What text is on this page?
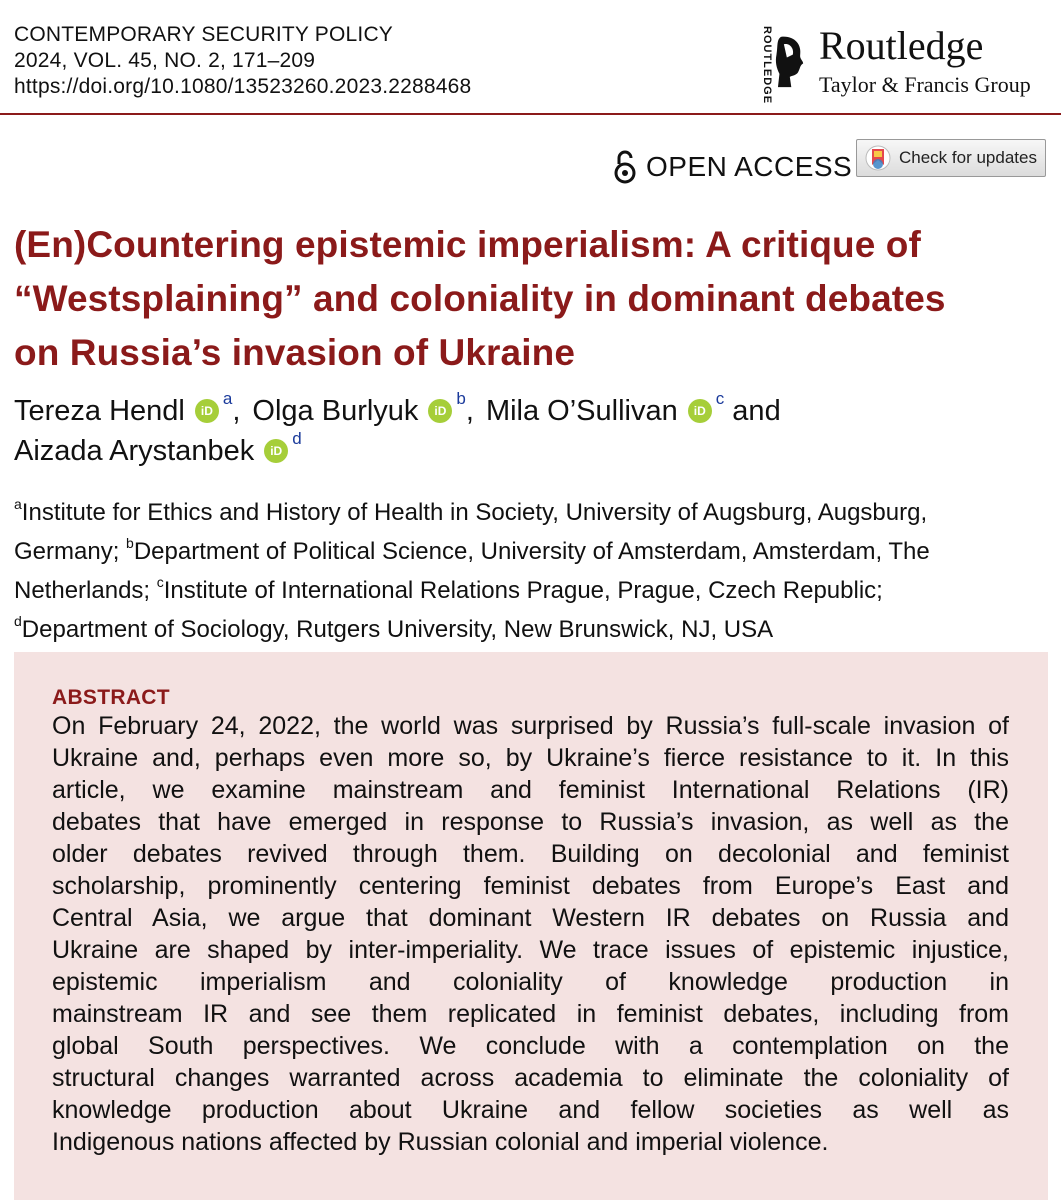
CONTEMPORARY SECURITY POLICY
2024, VOL. 45, NO. 2, 171–209
https://doi.org/10.1080/13523260.2023.2288468	ROUTLEDGE Routledge
Taylor & Francis Group
OPEN ACCESS	Check for updates
(En)Countering epistemic imperialism: A critique of
“Westsplaining” and coloniality in dominant debates
on Russia’s invasion of Ukraine
Tereza Hendl	iD
a , Olga Burlyuk	iD
b , Mila O’Sullivan	iD
c and
Aizada Arystanbek	iD
d
$^a$Institute for Ethics and History of Health in Society, University of Augsburg, Augsburg,
Germany; $^b$Department of Political Science, University of Amsterdam, Amsterdam, The
Netherlands; $^c$Institute of International Relations Prague, Prague, Czech Republic;
$^d$Department of Sociology, Rutgers University, New Brunswick, NJ, USA
ABSTRACT
On February 24, 2022, the world was surprised by Russia’s full-scale invasion of
Ukraine and, perhaps even more so, by Ukraine’s fierce resistance to it. In this
article, we examine mainstream and feminist International Relations (IR)
debates that have emerged in response to Russia’s invasion, as well as the
older debates revived through them. Building on decolonial and feminist
scholarship, prominently centering feminist debates from Europe’s East and
Central Asia, we argue that dominant Western IR debates on Russia and
Ukraine are shaped by inter-imperiality. We trace issues of epistemic injustice,
epistemic imperialism and coloniality of knowledge production in
mainstream IR and see them replicated in feminist debates, including from
global South perspectives. We conclude with a contemplation on the
structural changes warranted across academia to eliminate the coloniality of
knowledge production about Ukraine and fellow societies as well as
Indigenous nations affected by Russian colonial and imperial violence.
